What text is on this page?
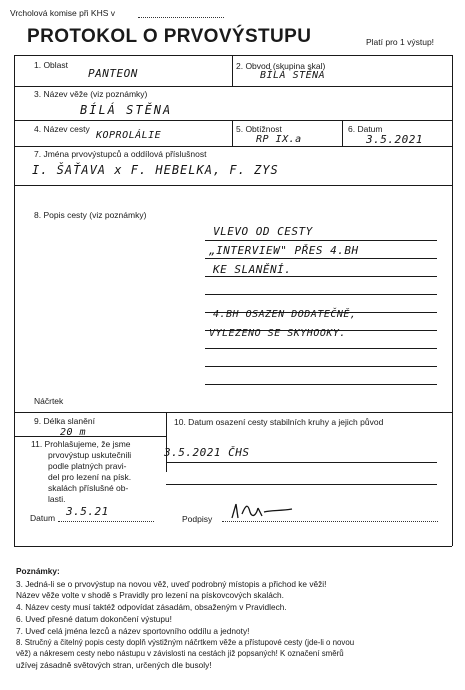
Vrcholová komise při KHS v
PROTOKOL O PRVOVÝSTUPU	Platí pro 1 výstup!
1. Oblast
PANTEON
2. Obvod (skupina skal)
BÍLÁ STĚNA
3. Název věže (viz poznámky)
BÍLÁ STĚNA
4. Název cesty
KOPROLÁLIE
5. Obtížnost
RP IX.a
6. Datum
3.5.2021
7. Jména prvovýstupců a oddílová příslušnost
I. ŠAŤAVA x F. HEBELKA, F. ZYS
8. Popis cesty (viz poznámky)
VLEVO OD CESTY
„INTERVIEW" PŘES 4.BH
KE SLANĚNÍ.
4.BH OSAZEN DODATEČNĚ,
VYLEZENO SE SKYHOOKY.
Náčrtek
9. Délka slanění
20 m
10. Datum osazení cesty stabilních kruhy a jejich původ
3.5.2021 ČHS
11. Prohlašujeme, že jsme
prvovýstup uskutečnili
podle platných pravi-
del pro lezení na písk.
skalách příslušné ob-
lasti.
Datum 3.5.21
Podpisy
Poznámky:
3. Jedná-li se o prvovýstup na novou věž, uveď podrobný místopis a přichod ke věži!
Název věže volte v shodě s Pravidly pro lezení na pískovcových skalách.
4. Název cesty musí taktéž odpovídat zásadám, obsaženým v Pravidlech.
6. Uveď přesné datum dokončení výstupu!
7. Uveď celá jména lezců a název sportovního oddílu a jednoty!
8. Stručný a čitelný popis cesty doplň výstižným náčrtkem věže a přístupové cesty (jde-li o novou
věž) a nákresem cesty nebo nástupu v závislosti na cestách již popsaných! K označení směrů
užívej zásadně světových stran, určených dle busoly!
